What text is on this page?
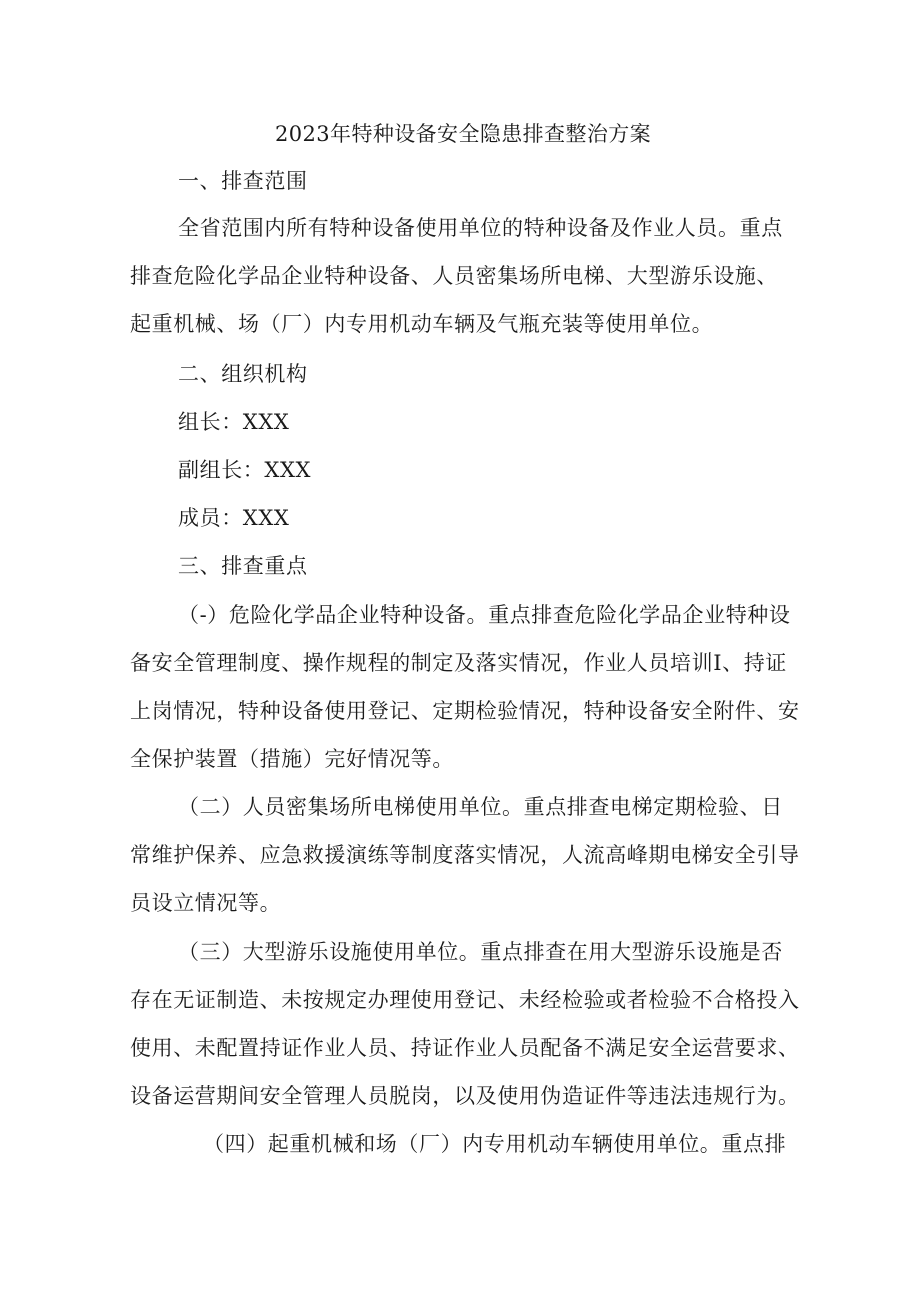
2023年特种设备安全隐患排查整治方案
一、排查范围
全省范围内所有特种设备使用单位的特种设备及作业人员。重点
排查危险化学品企业特种设备、人员密集场所电梯、大型游乐设施、
起重机械、场（厂）内专用机动车辆及气瓶充装等使用单位。
二、组织机构
组长：XXX
副组长：XXX
成员：XXX
三、排查重点
（-）危险化学品企业特种设备。重点排查危险化学品企业特种设
备安全管理制度、操作规程的制定及落实情况，作业人员培训I、持证
上岗情况，特种设备使用登记、定期检验情况，特种设备安全附件、安
全保护装置（措施）完好情况等。
（二）人员密集场所电梯使用单位。重点排查电梯定期检验、日
常维护保养、应急救援演练等制度落实情况，人流高峰期电梯安全引导
员设立情况等。
（三）大型游乐设施使用单位。重点排查在用大型游乐设施是否
存在无证制造、未按规定办理使用登记、未经检验或者检验不合格投入
使用、未配置持证作业人员、持证作业人员配备不满足安全运营要求、
设备运营期间安全管理人员脱岗，以及使用伪造证件等违法违规行为。
（四）起重机械和场（厂）内专用机动车辆使用单位。重点排
